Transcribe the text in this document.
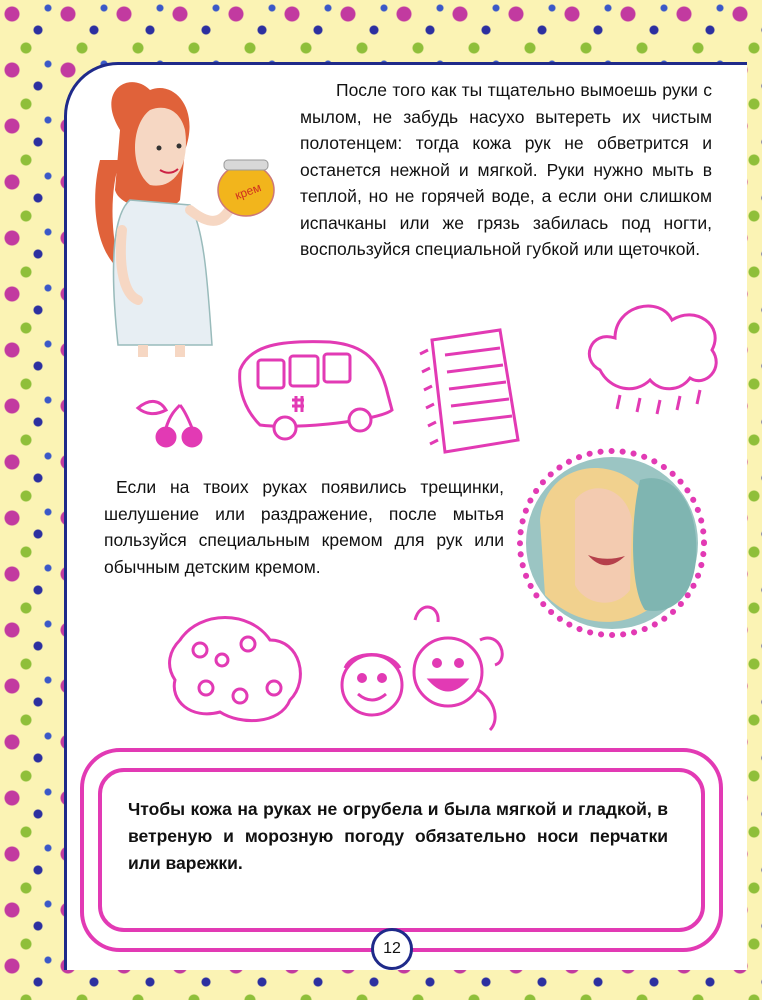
крем
После того как ты тщательно вымоешь руки с мылом, не забудь насухо вытереть их чистым полотенцем: тогда кожа рук не обветрится и останется нежной и мягкой. Руки нужно мыть в теплой, но не горячей воде, а если они слишком испачканы или же грязь забилась под ногти, воспользуйся специальной губкой или щеточкой.
Если на твоих руках появились трещинки, шелушение или раздражение, после мытья пользуйся специальным кремом для рук или обычным детским кремом.
Чтобы кожа на руках не огрубела и была мягкой и гладкой, в ветреную и морозную погоду обязательно носи перчатки или варежки.
12
